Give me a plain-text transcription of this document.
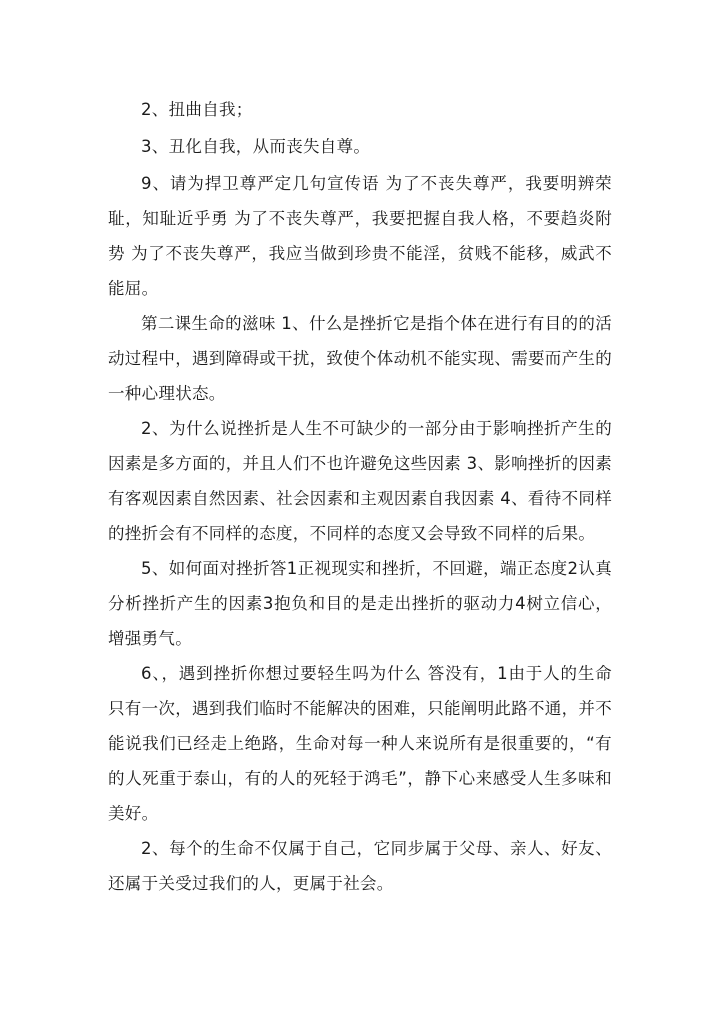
2、扭曲自我；

3、丑化自我，从而丧失自尊。

9、请为捍卫尊严定几句宣传语 为了不丧失尊严，我要明辨荣耻，知耻近乎勇 为了不丧失尊严，我要把握自我人格，不要趋炎附势 为了不丧失尊严，我应当做到珍贵不能淫，贫贱不能移，威武不能屈。

第二课生命的滋味 1、什么是挫折它是指个体在进行有目的的活动过程中，遇到障碍或干扰，致使个体动机不能实现、需要而产生的一种心理状态。

2、为什么说挫折是人生不可缺少的一部分由于影响挫折产生的因素是多方面的，并且人们不也许避免这些因素 3、影响挫折的因素有客观因素自然因素、社会因素和主观因素自我因素 4、看待不同样的挫折会有不同样的态度，不同样的态度又会导致不同样的后果。

5、如何面对挫折答1正视现实和挫折，不回避，端正态度2认真分析挫折产生的因素3抱负和目的是走出挫折的驱动力4树立信心，增强勇气。

6、，遇到挫折你想过要轻生吗为什么 答没有，1由于人的生命只有一次，遇到我们临时不能解决的困难，只能阐明此路不通，并不能说我们已经走上绝路，生命对每一种人来说所有是很重要的，“有的人死重于泰山，有的人的死轻于鸿毛”，静下心来感受人生多味和美好。

2、每个的生命不仅属于自己，它同步属于父母、亲人、好友、还属于关受过我们的人，更属于社会。
